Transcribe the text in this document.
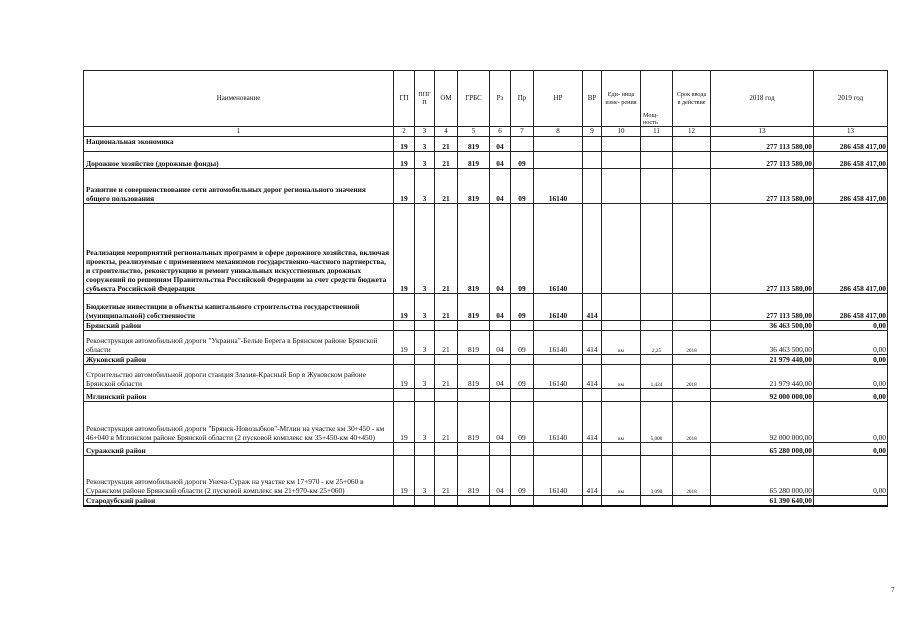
Наименование	ГП	ППГ П	ОМ	ГРБС	Рз	Пр	НР	ВР	Еди- ница изме- рения	Мощ- ность	Срок ввода в действие	2018 год	2019 год
1	2	3	4	5	6	7	8	9	10	11	12	13	13
Национальная экономика	19	3	21	819	04							277 113 580,00	286 458 417,00
Дорожное хозяйство (дорожные фонды)	19	3	21	819	04	09						277 113 580,00	286 458 417,00
Развитие и совершенствование сети автомобильных дорог регионального значения общего пользования	19	3	21	819	04	09	16140					277 113 580,00	286 458 417,00
Реализация мероприятий региональных программ в сфере дорожного хозяйства, включая проекты, реализуемые с применением механизмов государственно-частного партнерства, и строительство, реконструкцию и ремонт уникальных искусственных дорожных сооружений по решениям Правительства Российской Федерации за счет средств бюджета субъекта Российской Федерации	19	3	21	819	04	09	16140					277 113 580,00	286 458 417,00
Бюджетные инвестиции в объекты капитального строительства государственной (муниципальной) собственности	19	3	21	819	04	09	16140	414				277 113 580,00	286 458 417,00
Брянский район												36 463 500,00	0,00
Реконструкция автомобильной дороги "Украина"-Белые Берега в Брянском районе Брянской области	19	3	21	819	04	09	16140	414	км	2,25	2018	36 463 500,00	0,00
Жуковский район												21 979 440,00	0,00
Строительство автомобильной дороги станция Злазия-Красный Бор в Жуковском районе Брянской области	19	3	21	819	04	09	16140	414	км	1,424	2018	21 979 440,00	0,00
Мглинский район												92 000 000,00	0,00
Реконструкция автомобильной дороги "Брянск-Новозыбков"-Мглин на участке км 30+450 - км 46+040 в Мглинском районе Брянской области (2 пусковой комплекс км 35+450-км 40+450)	19	3	21	819	04	09	16140	414	км	5,000	2018	92 000 000,00	0,00
Суражский район												65 280 000,00	0,00
Реконструкция автомобильной дороги Унеча-Сураж на участке км 17+970 - км 25+060 в Суражском районе Брянской области (2 пусковой комплекс км 21+970-км 25+060)	19	3	21	819	04	09	16140	414	км	3,090	2018	65 280 000,00	0,00
Стародубский район												61 390 640,00	
7
